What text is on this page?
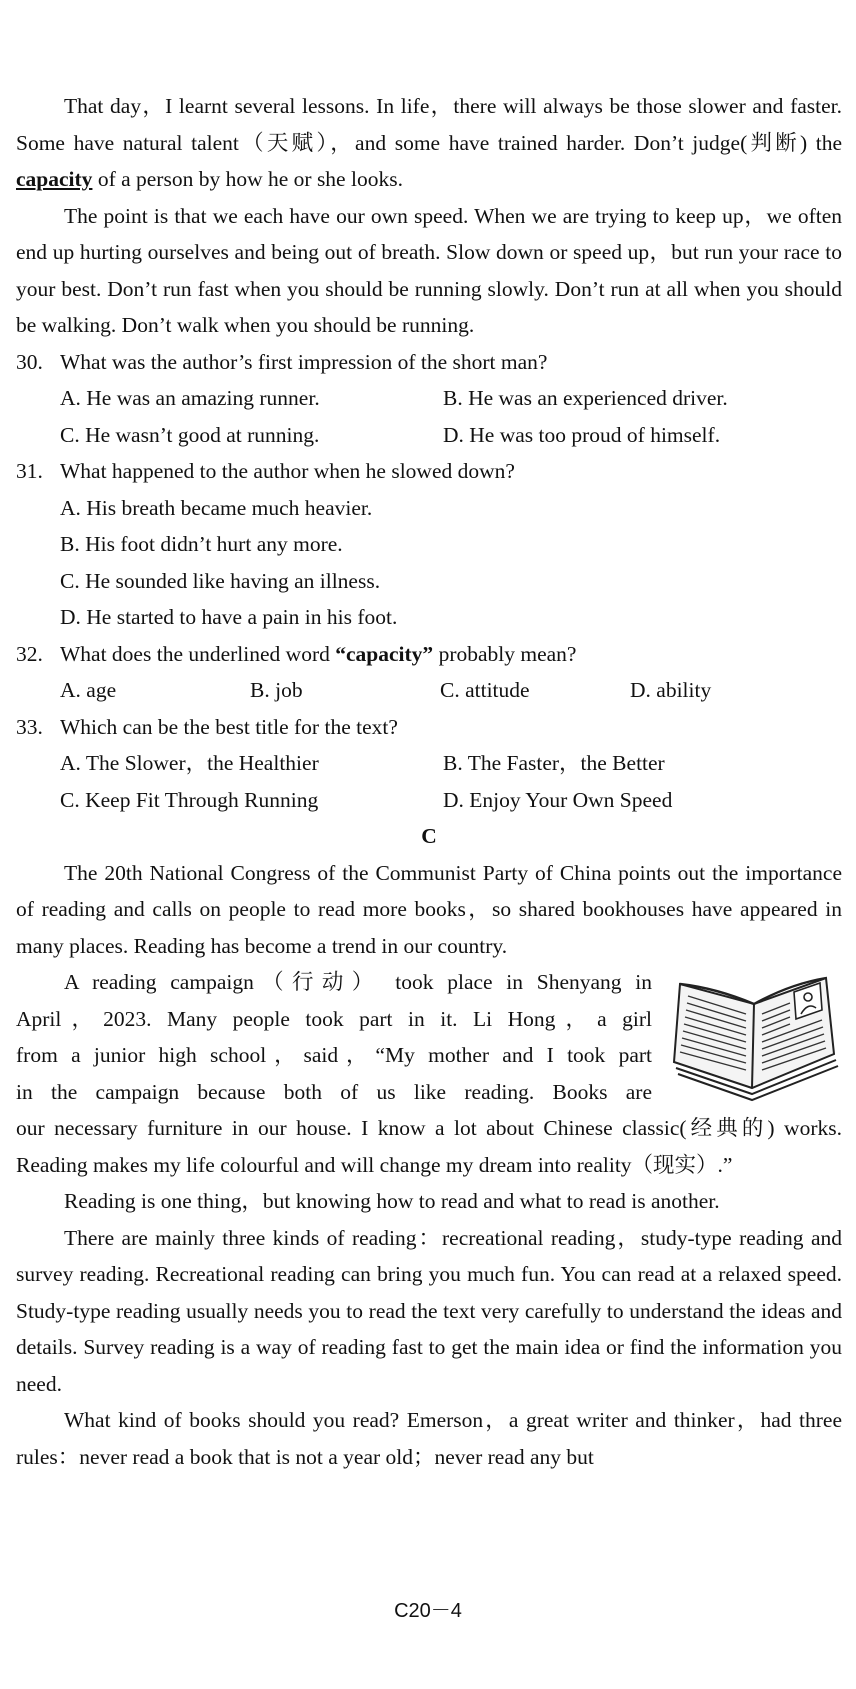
That day，I learnt several lessons. In life，there will always be those slower and faster. Some have natural talent（天赋），and some have trained harder. Don’t judge(判断) the capacity of a person by how he or she looks.

The point is that we each have our own speed. When we are trying to keep up，we often end up hurting ourselves and being out of breath. Slow down or speed up，but run your race to your best. Don’t run fast when you should be running slowly. Don’t run at all when you should be walking. Don’t walk when you should be running.

30. What was the author’s first impression of the short man?
A. He was an amazing runner.	B. He was an experienced driver.
C. He wasn’t good at running.	D. He was too proud of himself.
31. What happened to the author when he slowed down?
A. His breath became much heavier.
B. His foot didn’t hurt any more.
C. He sounded like having an illness.
D. He started to have a pain in his foot.
32. What does the underlined word “capacity” probably mean?
A. age	B. job	C. attitude	D. ability
33. Which can be the best title for the text?
A. The Slower，the Healthier	B. The Faster，the Better
C. Keep Fit Through Running	D. Enjoy Your Own Speed
C

The 20th National Congress of the Communist Party of China points out the importance of reading and calls on people to read more books，so shared bookhouses have appeared in many places. Reading has become a trend in our country.

A reading campaign（行动） took place in Shenyang in

April，2023. Many people took part in it. Li Hong，a girl

from a junior high school，said，“My mother and I took part

in the campaign because both of us like reading. Books are

our necessary furniture in our house. I know a lot about Chinese classic(经典的) works. Reading makes my life colourful and will change my dream into reality（现实）.”

Reading is one thing，but knowing how to read and what to read is another.

There are mainly three kinds of reading：recreational reading，study-type reading and survey reading. Recreational reading can bring you much fun. You can read at a relaxed speed. Study-type reading usually needs you to read the text very carefully to understand the ideas and details. Survey reading is a way of reading fast to get the main idea or find the information you need.

What kind of books should you read? Emerson，a great writer and thinker，had three rules：never read a book that is not a year old；never read any but

C20－4
